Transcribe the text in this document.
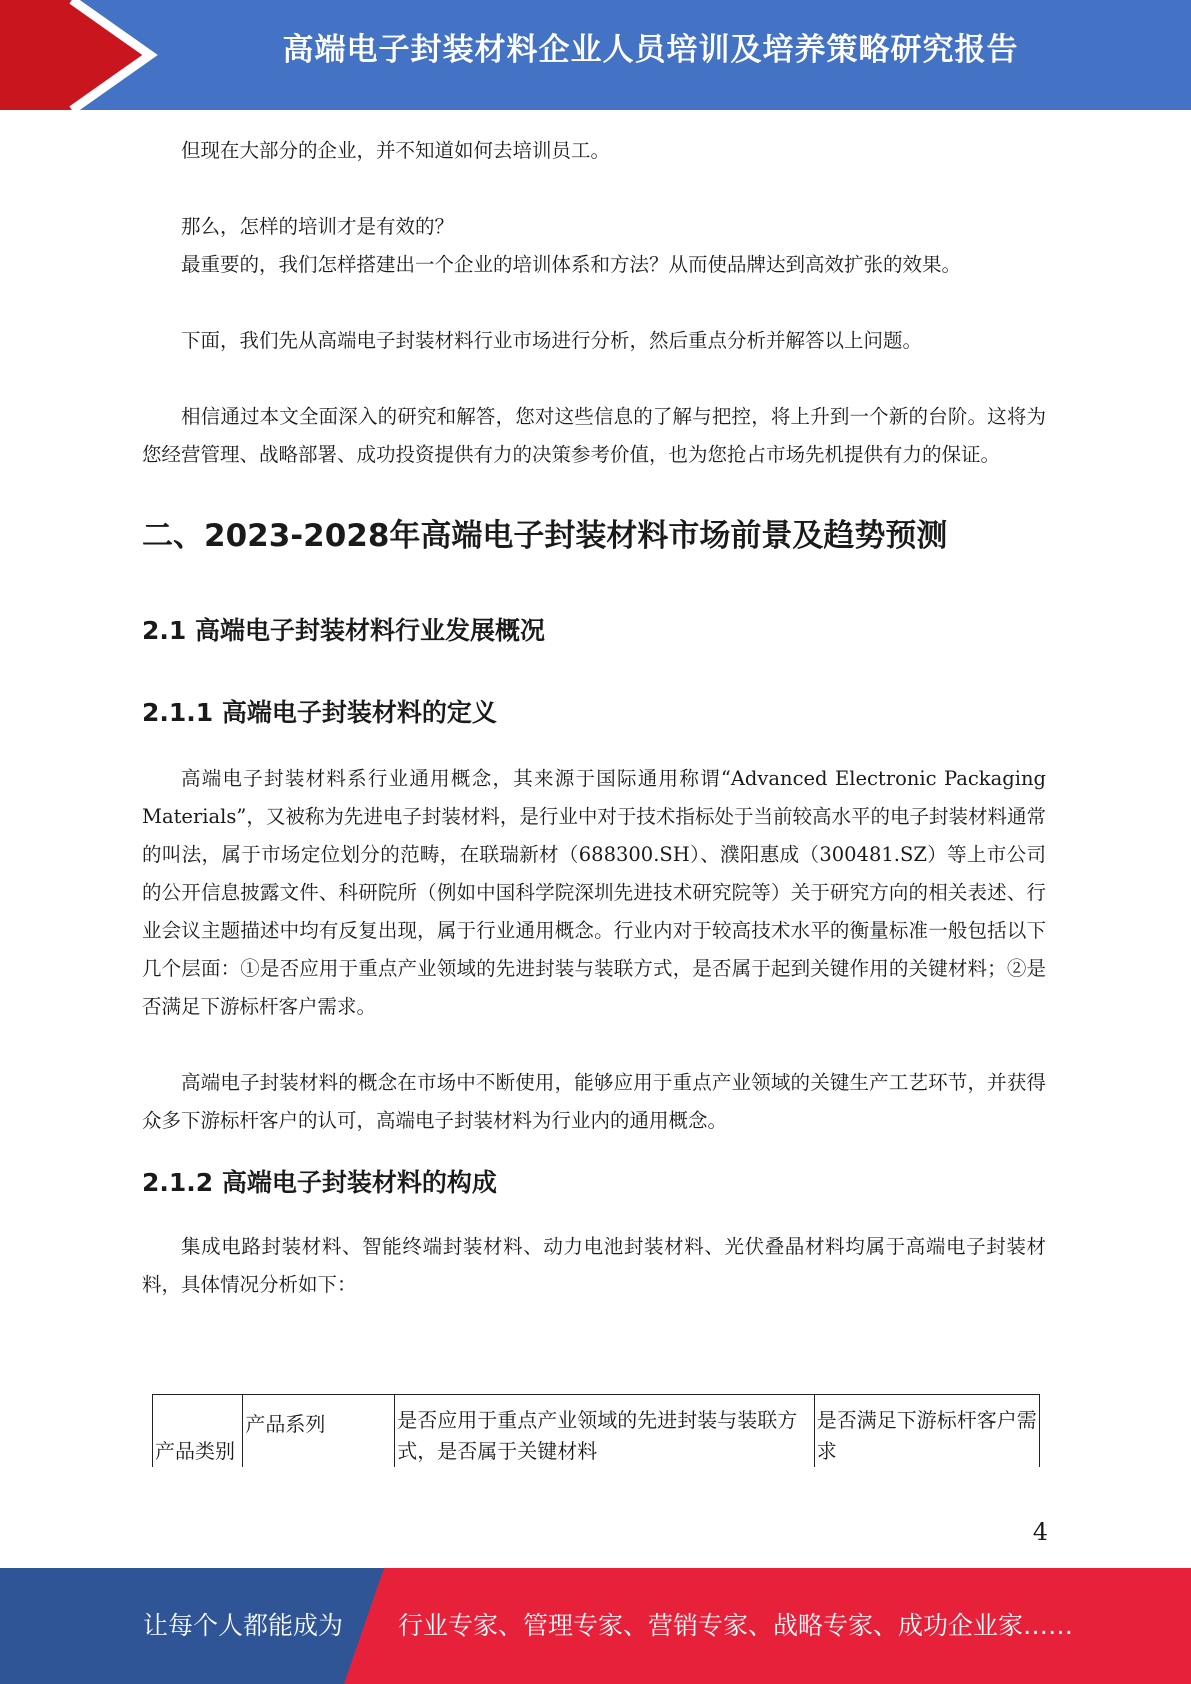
高端电子封装材料企业人员培训及培养策略研究报告

但现在大部分的企业，并不知道如何去培训员工。

那么，怎样的培训才是有效的？

最重要的，我们怎样搭建出一个企业的培训体系和方法？从而使品牌达到高效扩张的效果。

下面，我们先从高端电子封装材料行业市场进行分析，然后重点分析并解答以上问题。

相信通过本文全面深入的研究和解答，您对这些信息的了解与把控，将上升到一个新的台阶。这将为您经营管理、战略部署、成功投资提供有力的决策参考价值，也为您抢占市场先机提供有力的保证。

二、2023-2028年高端电子封装材料市场前景及趋势预测
2.1 高端电子封装材料行业发展概况
2.1.1 高端电子封装材料的定义

高端电子封装材料系行业通用概念，其来源于国际通用称谓“Advanced Electronic Packaging Materials”，又被称为先进电子封装材料，是行业中对于技术指标处于当前较高水平的电子封装材料通常的叫法，属于市场定位划分的范畴，在联瑞新材（688300.SH）、濮阳惠成（300481.SZ）等上市公司的公开信息披露文件、科研院所（例如中国科学院深圳先进技术研究院等）关于研究方向的相关表述、行业会议主题描述中均有反复出现，属于行业通用概念。行业内对于较高技术水平的衡量标准一般包括以下几个层面：①是否应用于重点产业领域的先进封装与装联方式，是否属于起到关键作用的关键材料；②是否满足下游标杆客户需求。

高端电子封装材料的概念在市场中不断使用，能够应用于重点产业领域的关键生产工艺环节，并获得众多下游标杆客户的认可，高端电子封装材料为行业内的通用概念。

2.1.2 高端电子封装材料的构成

集成电路封装材料、智能终端封装材料、动力电池封装材料、光伏叠晶材料均属于高端电子封装材料，具体情况分析如下：

产品类别	产品系列	是否应用于重点产业领域的先进封装与装联方式，是否属于关键材料	是否满足下游标杆客户需求
4
让每个人都能成为 行业专家、管理专家、营销专家、战略专家、成功企业家……
